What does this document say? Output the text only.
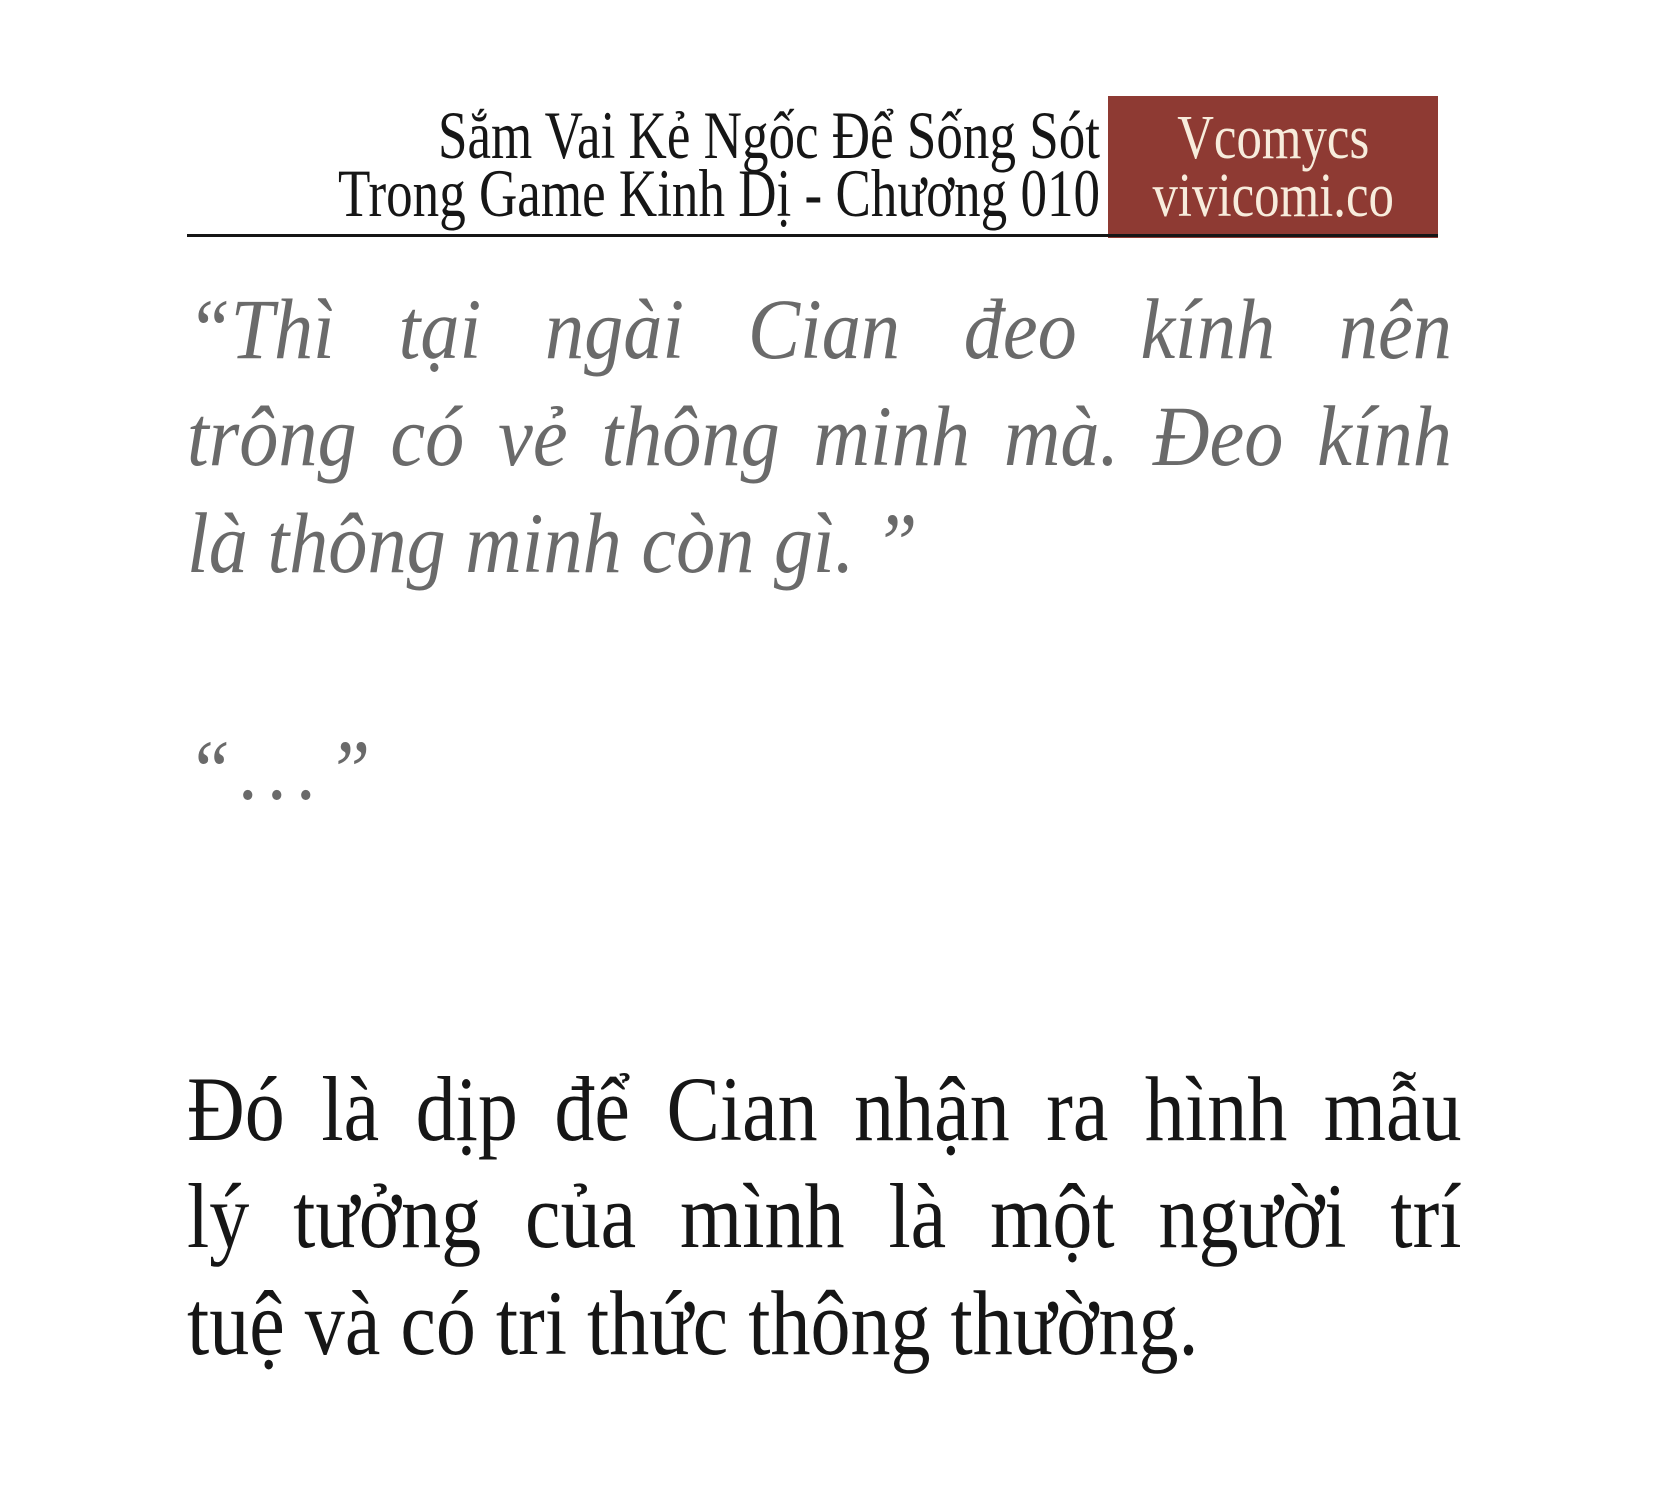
Sắm Vai Kẻ Ngốc Để Sống Sót
Trong Game Kinh Dị - Chương 010
Vcomycs
vivicomi.co
“Thì tại ngài Cian đeo kính nên
trông có vẻ thông minh mà. Đeo kính
là thông minh còn gì. ”
“...”
Đó là dịp để Cian nhận ra hình mẫu
lý tưởng của mình là một người trí
tuệ và có tri thức thông thường.
